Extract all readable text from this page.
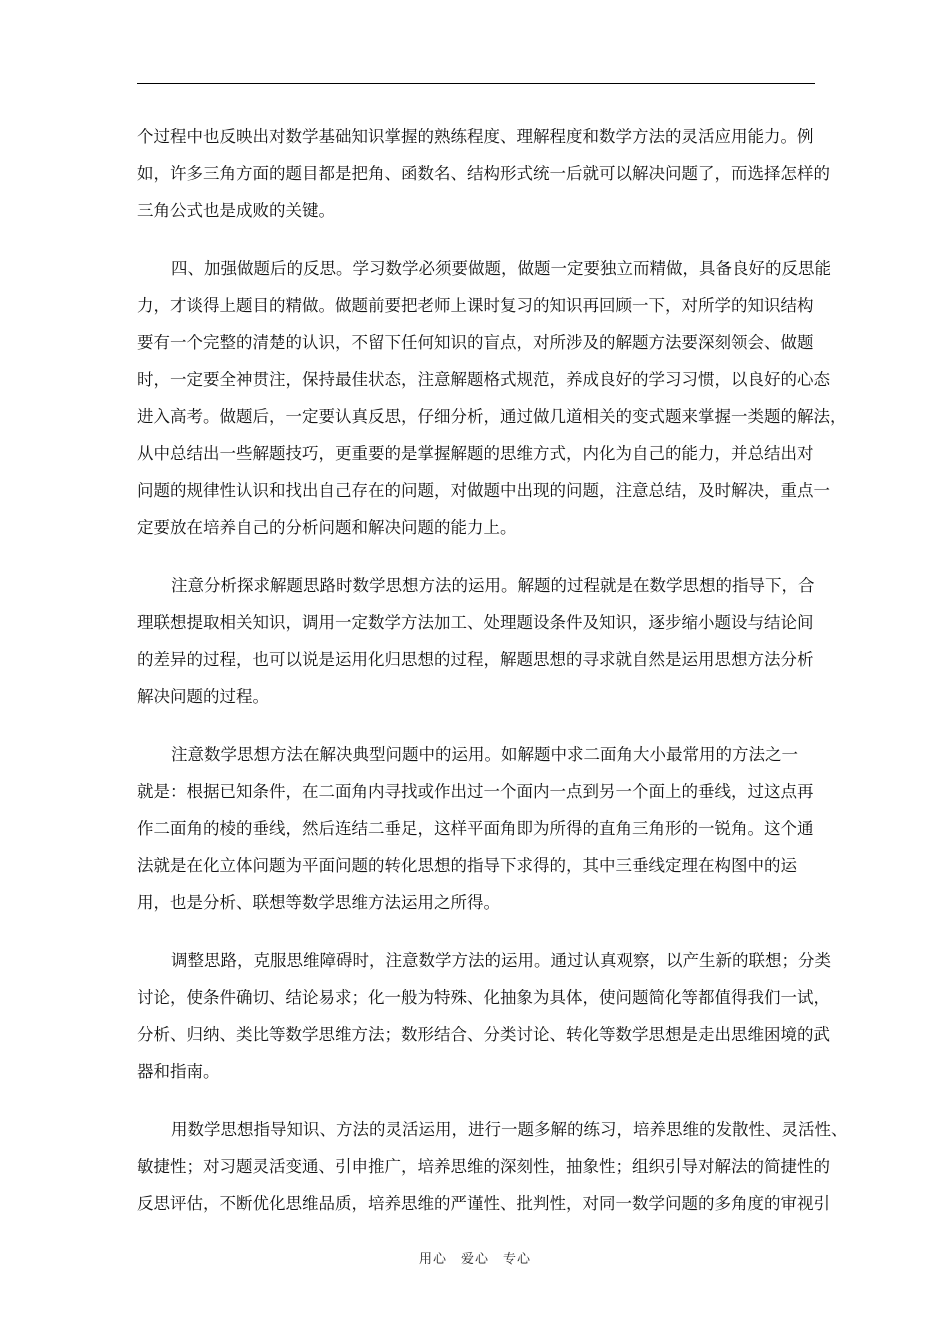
个过程中也反映出对数学基础知识掌握的熟练程度、理解程度和数学方法的灵活应用能力。例
如，许多三角方面的题目都是把角、函数名、结构形式统一后就可以解决问题了，而选择怎样的
三角公式也是成败的关键。
四、加强做题后的反思。学习数学必须要做题，做题一定要独立而精做，具备良好的反思能
力，才谈得上题目的精做。做题前要把老师上课时复习的知识再回顾一下，对所学的知识结构
要有一个完整的清楚的认识，不留下任何知识的盲点，对所涉及的解题方法要深刻领会、做题
时，一定要全神贯注，保持最佳状态，注意解题格式规范，养成良好的学习习惯，以良好的心态
进入高考。做题后，一定要认真反思，仔细分析，通过做几道相关的变式题来掌握一类题的解法，
从中总结出一些解题技巧，更重要的是掌握解题的思维方式，内化为自己的能力，并总结出对
问题的规律性认识和找出自己存在的问题，对做题中出现的问题，注意总结，及时解决，重点一
定要放在培养自己的分析问题和解决问题的能力上。
注意分析探求解题思路时数学思想方法的运用。解题的过程就是在数学思想的指导下，合
理联想提取相关知识，调用一定数学方法加工、处理题设条件及知识，逐步缩小题设与结论间
的差异的过程，也可以说是运用化归思想的过程，解题思想的寻求就自然是运用思想方法分析
解决问题的过程。
注意数学思想方法在解决典型问题中的运用。如解题中求二面角大小最常用的方法之一
就是：根据已知条件，在二面角内寻找或作出过一个面内一点到另一个面上的垂线，过这点再
作二面角的棱的垂线，然后连结二垂足，这样平面角即为所得的直角三角形的一锐角。这个通
法就是在化立体问题为平面问题的转化思想的指导下求得的，其中三垂线定理在构图中的运
用，也是分析、联想等数学思维方法运用之所得。
调整思路，克服思维障碍时，注意数学方法的运用。通过认真观察，以产生新的联想；分类
讨论，使条件确切、结论易求；化一般为特殊、化抽象为具体，使问题简化等都值得我们一试，
分析、归纳、类比等数学思维方法；数形结合、分类讨论、转化等数学思想是走出思维困境的武
器和指南。
用数学思想指导知识、方法的灵活运用，进行一题多解的练习，培养思维的发散性、灵活性、
敏捷性；对习题灵活变通、引申推广，培养思维的深刻性，抽象性；组织引导对解法的简捷性的
反思评估，不断优化思维品质，培养思维的严谨性、批判性，对同一数学问题的多角度的审视引
用心 爱心 专心
